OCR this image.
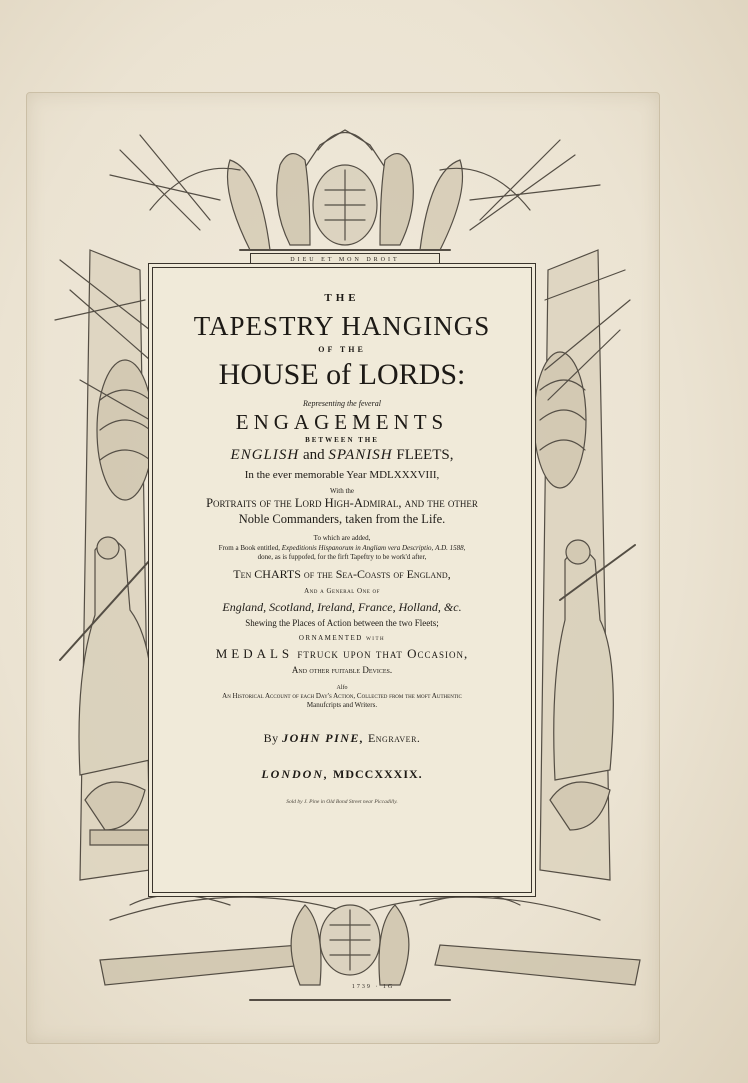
DIEU ET MON DROIT
THE
TAPESTRY HANGINGS
OF THE
HOUSE of LORDS:
Representing the feveral
ENGAGEMENTS
BETWEEN THE
ENGLISH and SPANISH FLEETS,
In the ever memorable Year MDLXXXVIII,
With the
Portraits of the Lord High-Admiral, and the other
Noble Commanders, taken from the Life.
To which are added,
From a Book entitled, Expeditionis Hispanorum in Angliam vera Descriptio, A.D. 1588,
done, as is fuppofed, for the firft Tapeftry to be work'd after,
Ten CHARTS of the Sea-Coasts of England,
And a General One of
England, Scotland, Ireland, France, Holland, &c.
Shewing the Places of Action between the two Fleets;
ORNAMENTED with
MEDALS ftruck upon that Occasion,
And other fuitable Devices.
Alfo
An Historical Account of each Day's Action, Collected from the moft Authentic
Manufcripts and Writers.
By JOHN PINE, Engraver.
LONDON, MDCCXXXIX.
Sold by J. Pine in Old Bond Street near Piccadilly.
1739 · 1G
